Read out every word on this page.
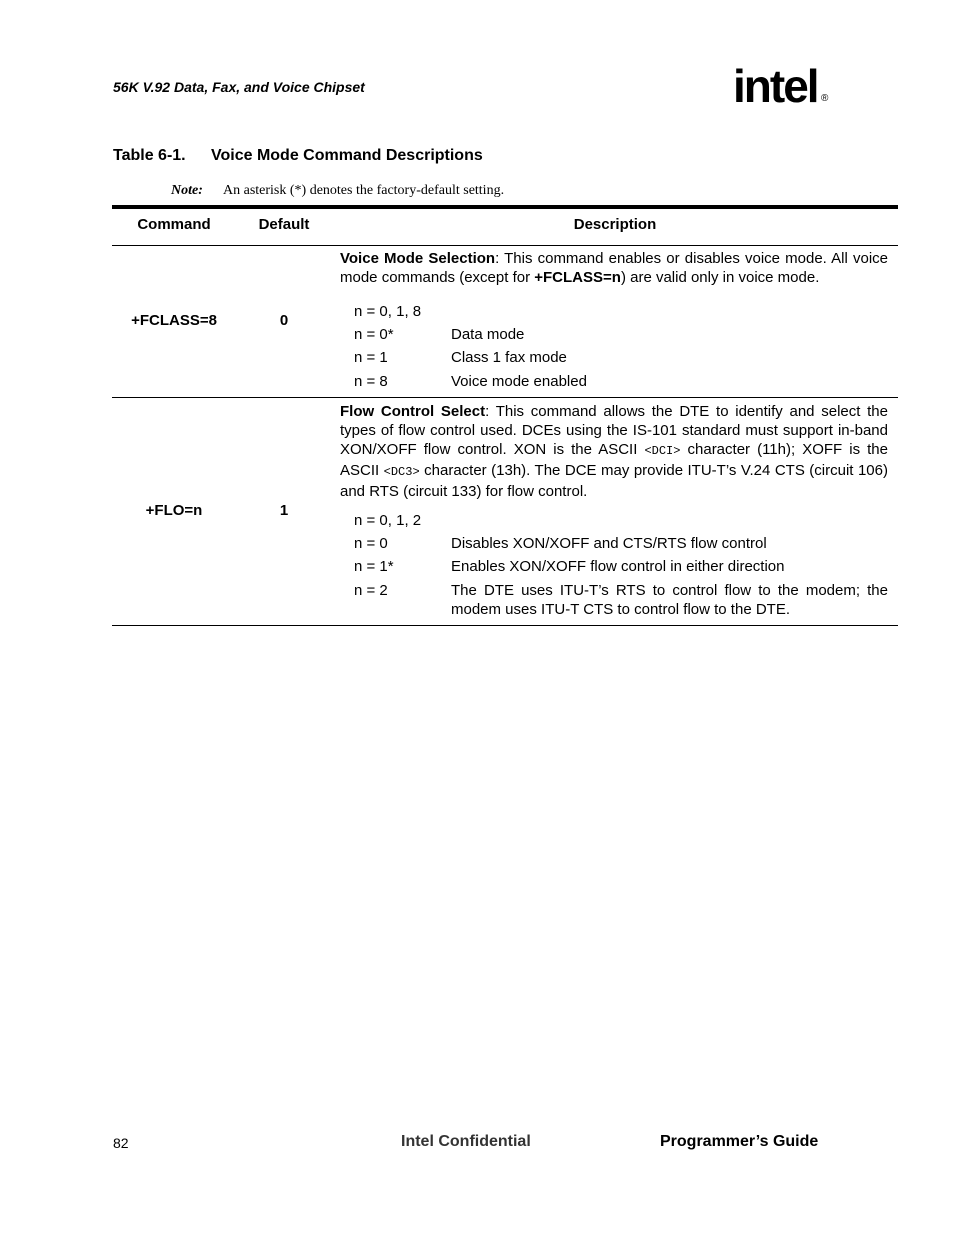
56K V.92 Data, Fax, and Voice Chipset	intel ®
Table 6-1. Voice Mode Command Descriptions
Note: An asterisk (*) denotes the factory-default setting.
Command	Default	Description
+FCLASS=8	0
Voice Mode Selection: This command enables or disables voice mode. All voice mode commands (except for +FCLASS=n) are valid only in voice mode.
n = 0, 1, 8
n = 0*	Data mode
n = 1	Class 1 fax mode
n = 8	Voice mode enabled
+FLO=n	1
Flow Control Select: This command allows the DTE to identify and select the types of flow control used. DCEs using the IS-101 standard must support in-band XON/XOFF flow control. XON is the ASCII <DCI> character (11h); XOFF is the ASCII <DC3> character (13h). The DCE may provide ITU-T’s V.24 CTS (circuit 106) and RTS (circuit 133) for flow control.
n = 0, 1, 2
n = 0	Disables XON/XOFF and CTS/RTS flow control
n = 1*	Enables XON/XOFF flow control in either direction
n = 2	The DTE uses ITU-T’s RTS to control flow to the modem; the modem uses ITU-T CTS to control flow to the DTE.
82	Intel Confidential	Programmer’s Guide
